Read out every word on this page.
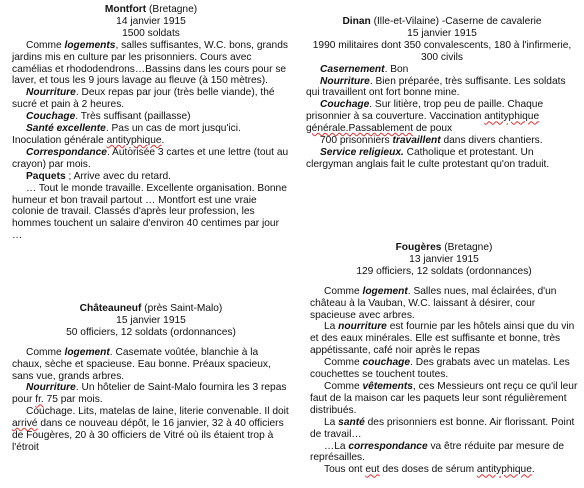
Montfort (Bretagne)

14 janvier 1915

1500 soldats

Comme logements, salles suffisantes, W.C. bons, grands jardins mis en culture par les prisonniers. Cours avec camélias et rhododendrons…Bassins dans les cours pour se laver, et tous les 9 jours lavage au fleuve (à 150 mètres).

Nourriture. Deux repas par jour (très belle viande), thé sucré et pain à 2 heures.

Couchage. Très suffisant (paillasse)

Santé excellente. Pas un cas de mort jusqu'ici. Inoculation générale antityphique.

Correspondance. Autorisée 3 cartes et une lettre (tout au crayon) par mois.

Paquets ; Arrive avec du retard.

… Tout le monde travaille. Excellente organisation. Bonne humeur et bon travail partout … Montfort est une vraie colonie de travail. Classés d'après leur profession, les hommes touchent un salaire d'environ 40 centimes par jour …

Dinan (Ille-et-Vilaine) -Caserne de cavalerie

15 janvier 1915

1990 militaires dont 350 convalescents, 180 à l'infirmerie, 300 civils

Casernement. Bon

Nourriture. Bien préparée, très suffisante. Les soldats qui travaillent ont fort bonne mine.

Couchage. Sur litière, trop peu de paille. Chaque prisonnier à sa couverture. Vaccination antityphique générale.Passablement de poux

700 prisonniers travaillent dans divers chantiers.

Service religieux. Catholique et protestant. Un clergyman anglais fait le culte protestant qu'on traduit.

Châteauneuf (près Saint-Malo)

15 janvier 1915

50 officiers, 12 soldats (ordonnances)

Comme logement. Casemate voûtée, blanchie à la chaux, sèche et spacieuse. Eau bonne. Préaux spacieux, sans vue, grands arbres.

Nourriture. Un hôtelier de Saint-Malo fournira les 3 repas pour fr. 75 par mois.

Couchage. Lits, matelas de laine, literie convenable. Il doit arrivé dans ce nouveau dépôt, le 16 janvier, 32 à 40 officiers de Fougères, 20 à 30 officiers de Vitré où ils étaient trop à l'étroit

Fougères (Bretagne)

13 janvier 1915

129 officiers, 12 soldats (ordonnances)

Comme logement. Salles nues, mal éclairées, d'un château à la Vauban, W.C. laissant à désirer, cour spacieuse avec arbres.

La nourriture est fournie par les hôtels ainsi que du vin et des eaux minérales. Elle est suffisante et bonne, très appétissante, café noir après le repas

Comme couchage. Des grabats avec un matelas. Les couchettes se touchent toutes.

Comme vêtements, ces Messieurs ont reçu ce qu'il leur faut de la maison car les paquets leur sont régulièrement distribués.

La santé des prisonniers est bonne. Air florissant. Point de travail…

…La correspondance va être réduite par mesure de représailles.

Tous ont eut des doses de sérum antityphique.
